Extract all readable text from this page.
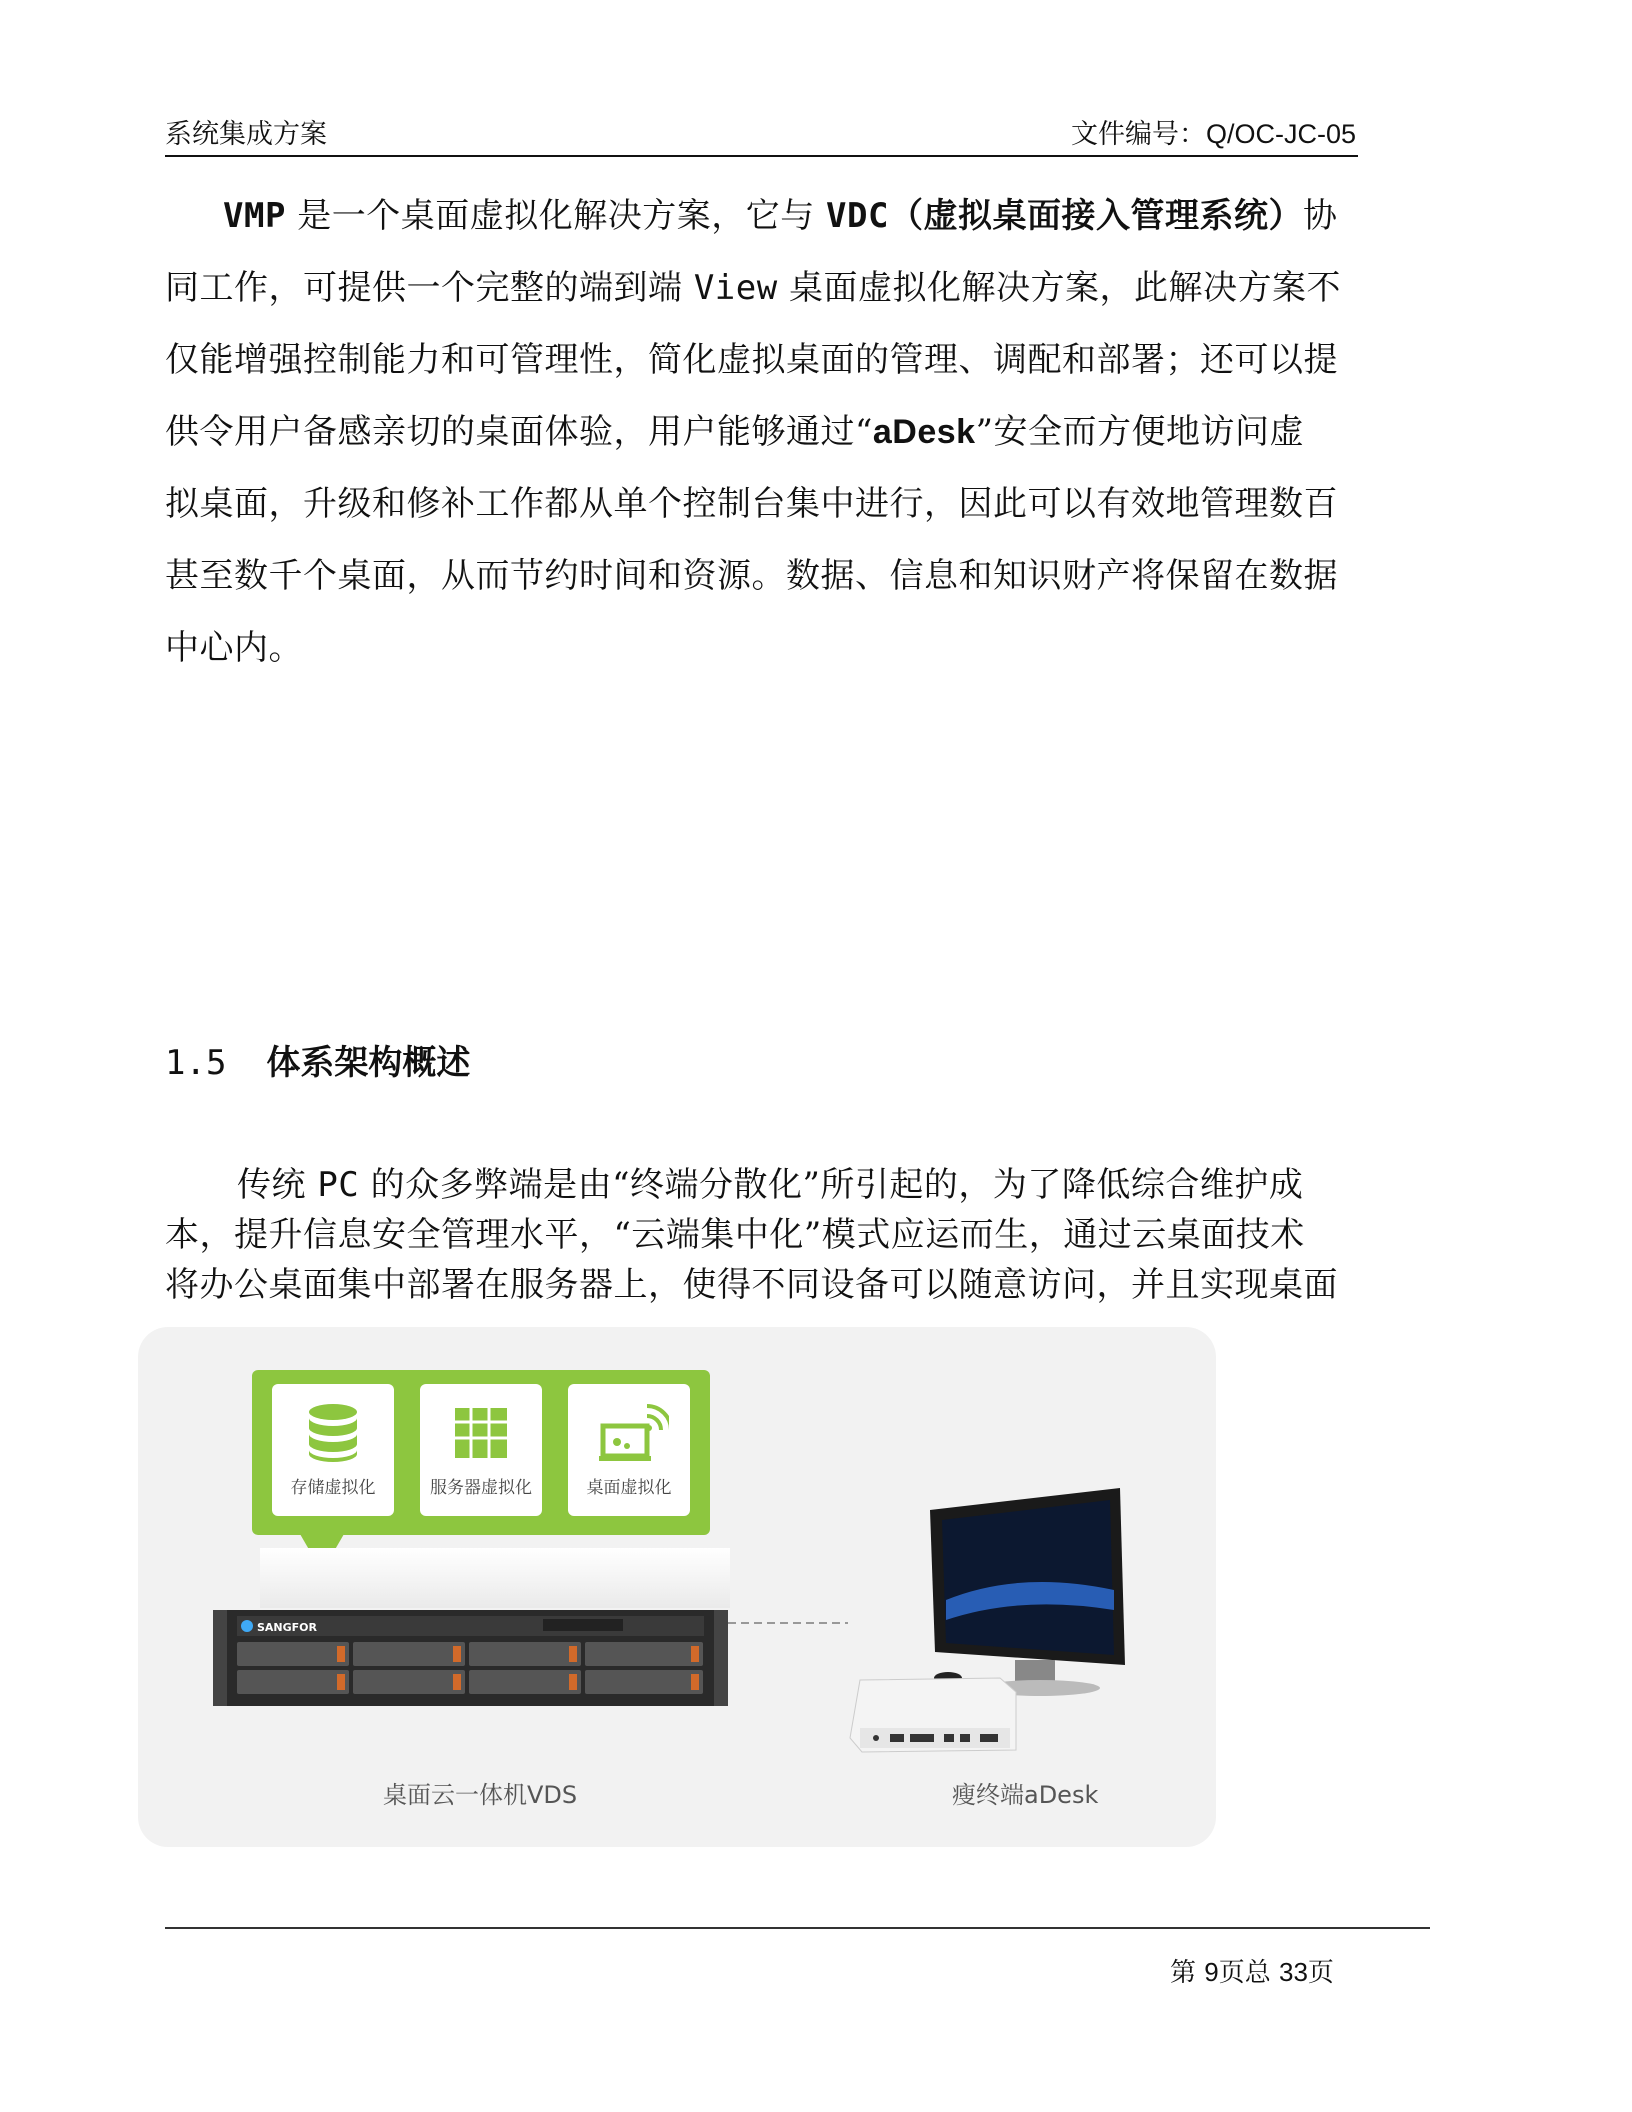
系统集成方案	文件编号：Q/OC-JC-05
VMP 是一个桌面虚拟化解决方案，它与 VDC（虚拟桌面接入管理系统）协
同工作，可提供一个完整的端到端 View 桌面虚拟化解决方案，此解决方案不
仅能增强控制能力和可管理性，简化虚拟桌面的管理、调配和部署；还可以提
供令用户备感亲切的桌面体验，用户能够通过“aDesk”安全而方便地访问虚
拟桌面，升级和修补工作都从单个控制台集中进行，因此可以有效地管理数百
甚至数千个桌面，从而节约时间和资源。数据、信息和知识财产将保留在数据
中心内。
1.5 体系架构概述
传统 PC 的众多弊端是由“终端分散化”所引起的，为了降低综合维护成
本，提升信息安全管理水平，“云端集中化”模式应运而生，通过云桌面技术
将办公桌面集中部署在服务器上，使得不同设备可以随意访问，并且实现桌面
存储虚拟化	服务器虚拟化	桌面虚拟化
SANGFOR
桌面云一体机VDS	瘦终端aDesk
第 9页总 33页
